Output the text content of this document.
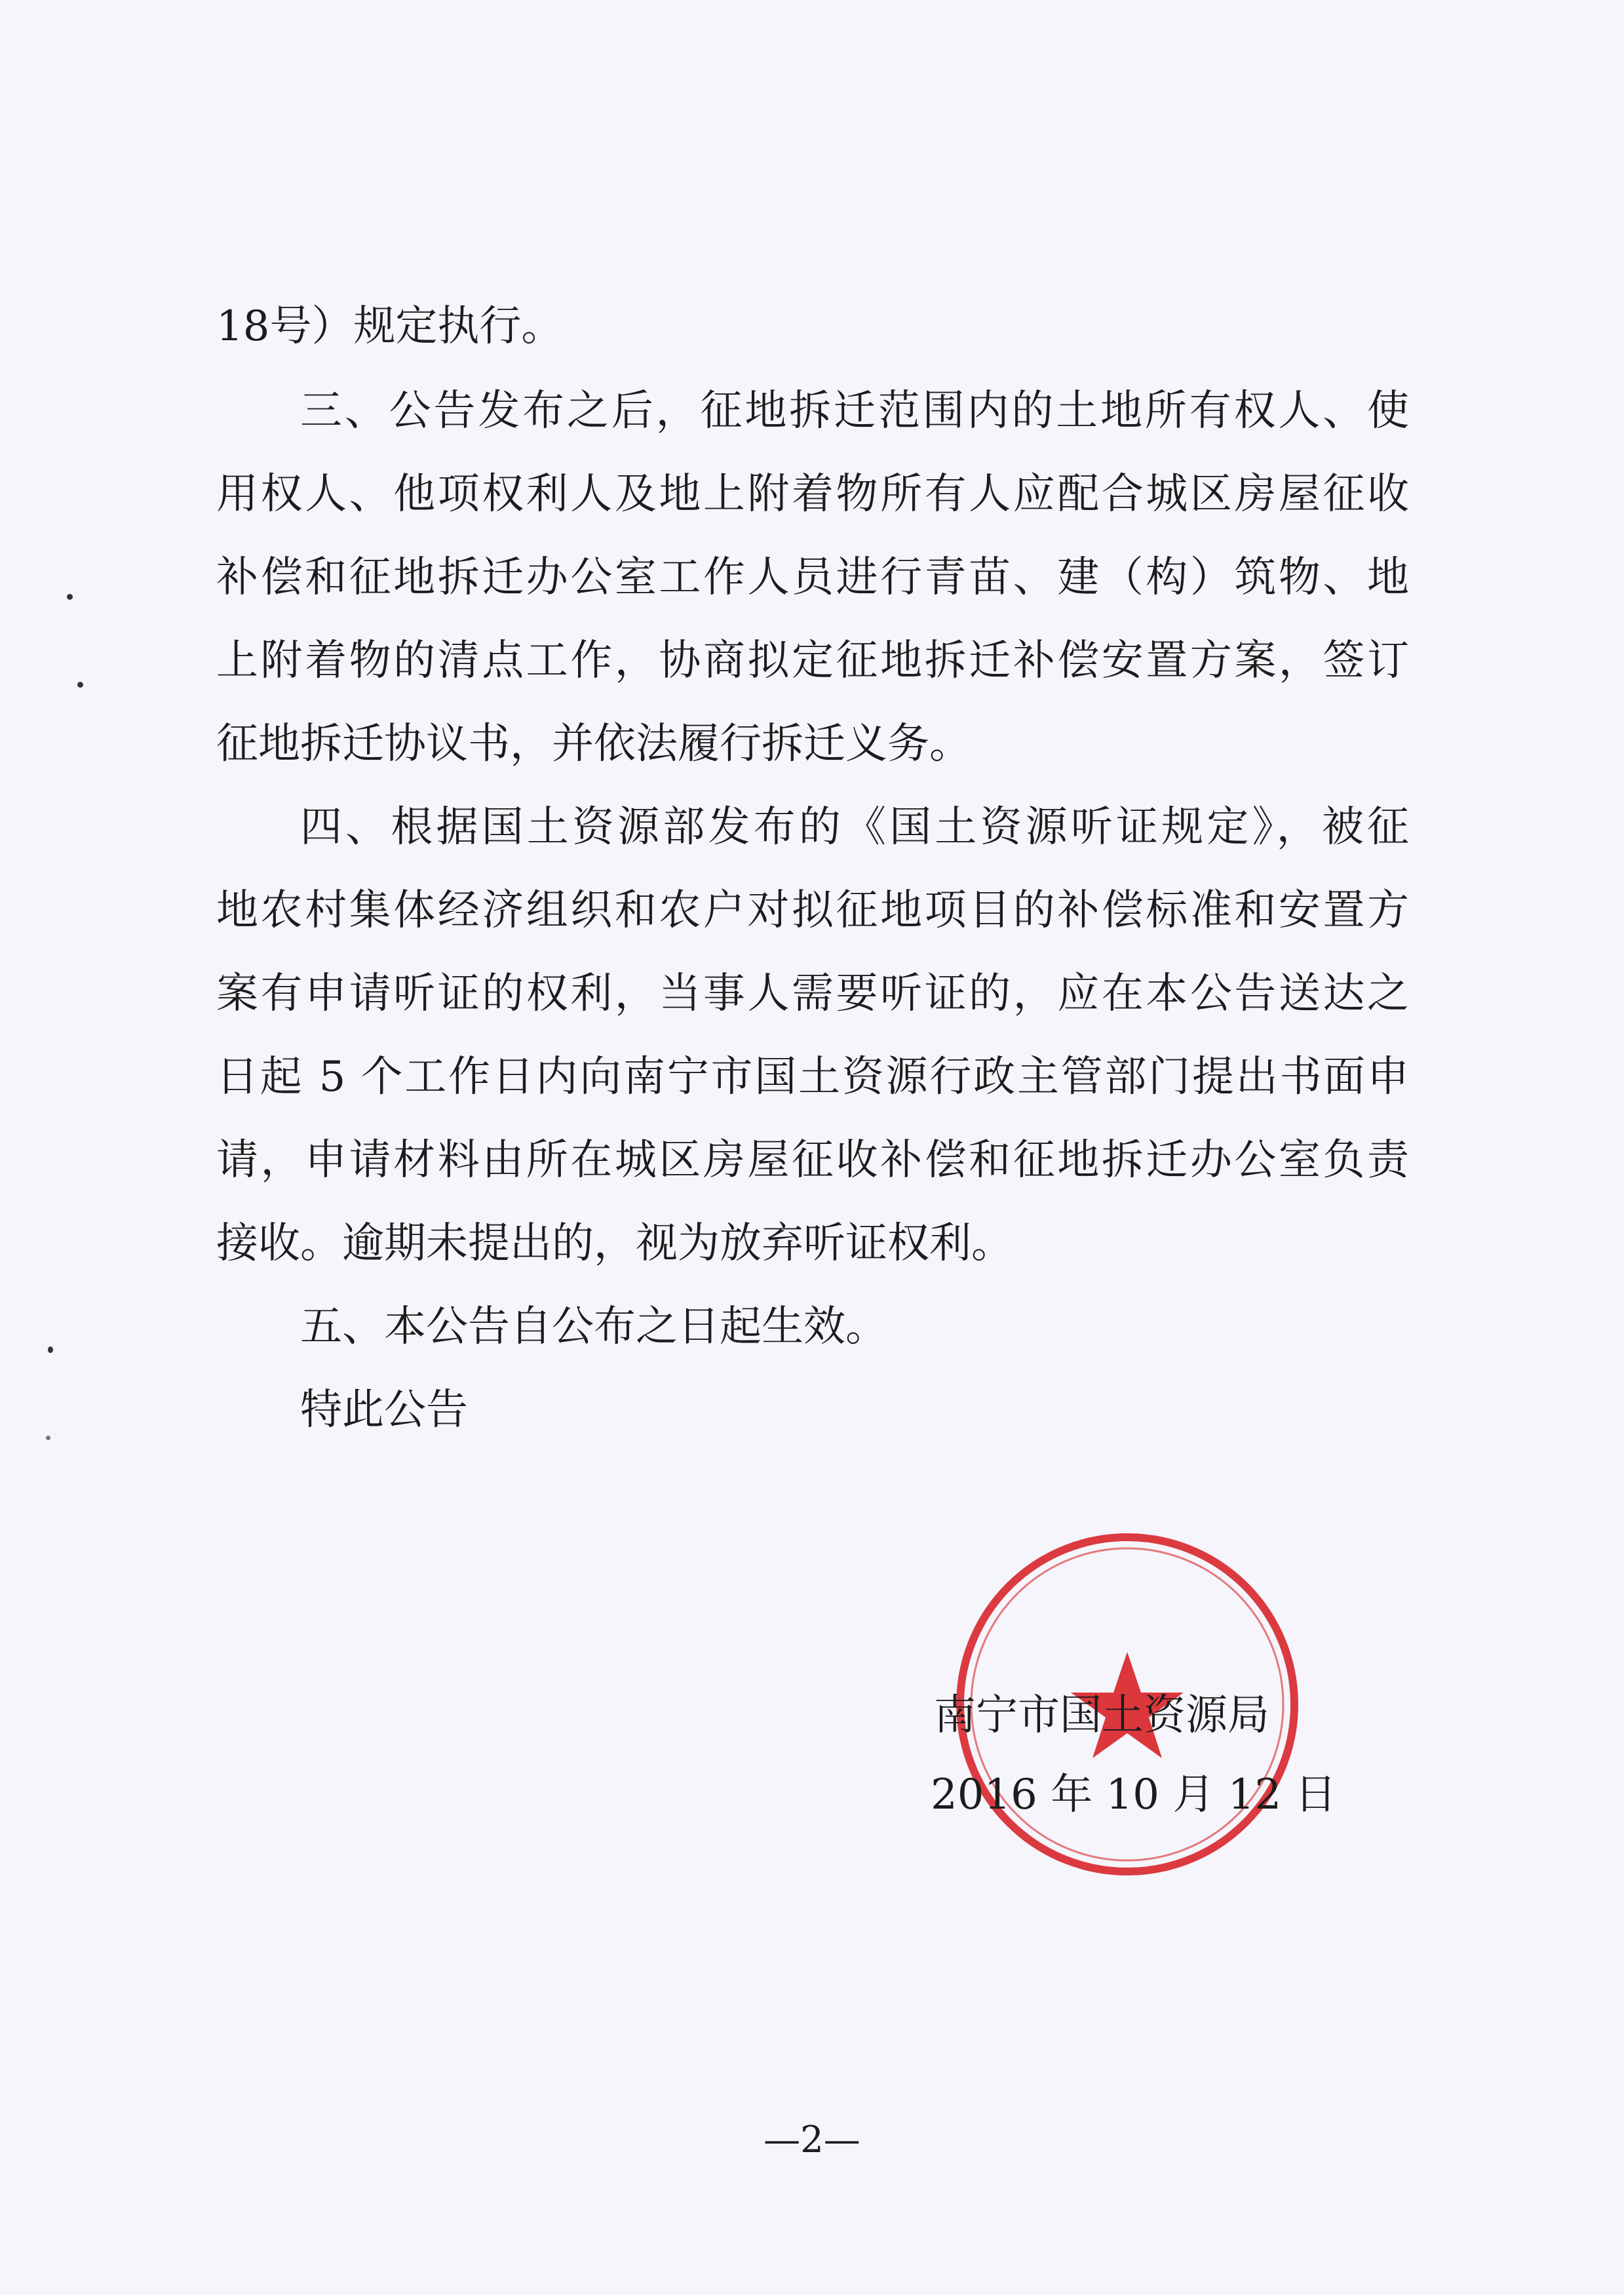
18号）规定执行。
三、公告发布之后，征地拆迁范围内的土地所有权人、使
用权人、他项权利人及地上附着物所有人应配合城区房屋征收
补偿和征地拆迁办公室工作人员进行青苗、建（构）筑物、地
上附着物的清点工作，协商拟定征地拆迁补偿安置方案，签订
征地拆迁协议书，并依法履行拆迁义务。
四、根据国土资源部发布的《国土资源听证规定》，被征
地农村集体经济组织和农户对拟征地项目的补偿标准和安置方
案有申请听证的权利，当事人需要听证的，应在本公告送达之
日起 5 个工作日内向南宁市国土资源行政主管部门提出书面申
请，申请材料由所在城区房屋征收补偿和征地拆迁办公室负责
接收。逾期未提出的，视为放弃听证权利。
五、本公告自公布之日起生效。
特此公告
南宁市国土资源局
2016 年 10 月 12 日
—2—
